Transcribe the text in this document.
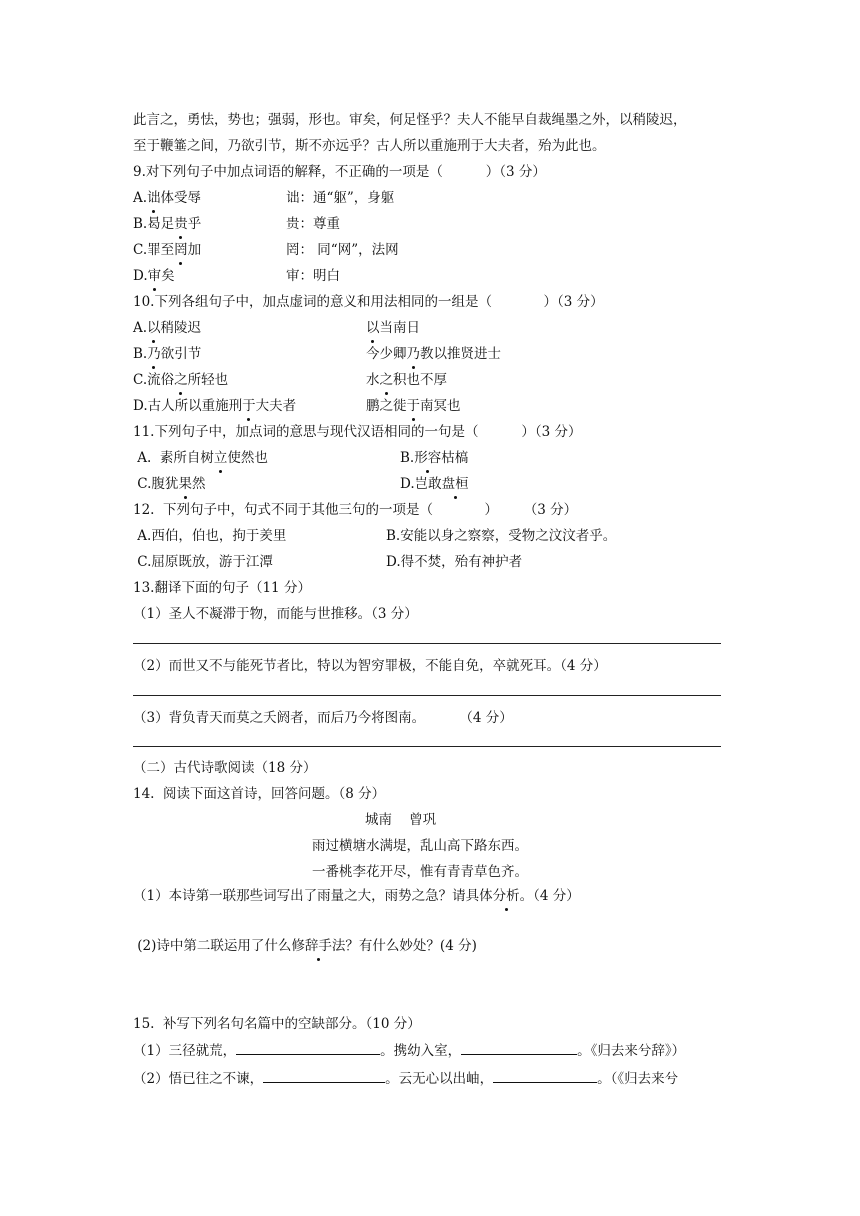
此言之，勇怯，势也；强弱，形也。审矣，何足怪乎？夫人不能早自裁绳墨之外，以稍陵迟，
至于鞭箠之间，乃欲引节，斯不亦远乎？古人所以重施刑于大夫者，殆为此也。
9.对下列句子中加点词语的解释，不正确的一项是（          ）（3 分）
A.诎体受辱	诎：通“躯”，身躯
B.曷足贵乎	贵：尊重
C.罪至罔加	罔： 同“网”，法网
D.审矣	审：明白
10.下列各组句子中，加点虚词的意义和用法相同的一组是（            ）（3 分）
A.以稍陵迟	以当南日
B.乃欲引节	今少卿乃教以推贤进士
C.流俗之所轻也	水之积也不厚
D.古人所以重施刑于大夫者	鹏之徙于南冥也
11.下列句子中，加点词的意思与现代汉语相同的一句是（          ）（3 分）
A.  素所自树立使然也	B.形容枯槁
C.腹犹果然	D.岂敢盘桓
12.  下列句子中，句式不同于其他三句的一项是（            ）      （3 分）
A.西伯，伯也，拘于羑里	B.安能以身之察察，受物之汶汶者乎。
C.屈原既放，游于江潭	D.得不焚，殆有神护者
13.翻译下面的句子（11 分）
（1）圣人不凝滞于物，而能与世推移。（3 分）
（2）而世又不与能死节者比，特以为智穷罪极，不能自免，卒就死耳。（4 分）
（3）背负青天而莫之夭阏者，而后乃今将图南。        （4 分）
（二）古代诗歌阅读（18 分）
14.  阅读下面这首诗，回答问题。（8 分）
城南    曾巩
雨过横塘水满堤，乱山高下路东西。
一番桃李花开尽，惟有青青草色齐。
（1）本诗第一联那些词写出了雨量之大，雨势之急？请具体分析。（4 分）
(2)诗中第二联运用了什么修辞手法？有什么妙处？(4 分)
15.  补写下列名句名篇中的空缺部分。（10 分）
（1）三径就荒，	。携幼入室，	。《归去来兮辞》）
（2）悟已往之不谏，	。云无心以出岫，	。（《归去来兮
